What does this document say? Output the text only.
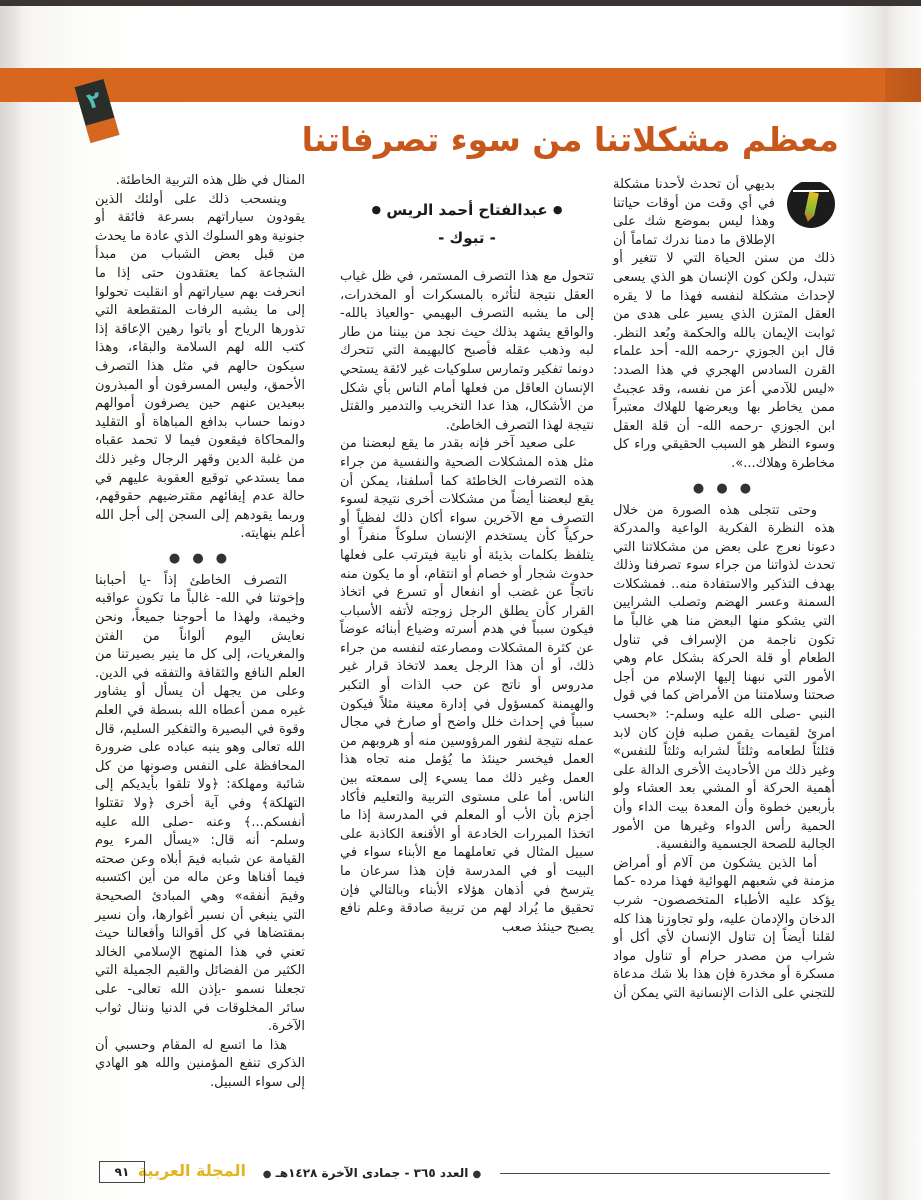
٢
معظم مشكلاتنا من سوء تصرفاتنا
● عبدالفتاح أحمد الريس ●
- تبوك -

بديهي أن تحدث لأحدنا مشكلة في أي وقت من أوقات حياتنا وهذا ليس بموضع شك على الإطلاق ما دمنا ندرك تماماً أن ذلك من سنن الحياة التي لا تتغير أو تتبدل، ولكن كون الإنسان هو الذي يسعى لإحداث مشكلة لنفسه فهذا ما لا يقره العقل المتزن الذي يسير على هدى من ثوابت الإيمان بالله والحكمة وبُعد النظر. قال ابن الجوزي -رحمه الله- أحد علماء القرن السادس الهجري في هذا الصدد: «ليس للآدمي أعز من نفسه، وقد عجبتُ ممن يخاطر بها ويعرضها للهلاك معتبراً ابن الجوزي -رحمه الله- أن قلة العقل وسوء النظر هو السبب الحقيقي وراء كل مخاطرة وهلاك...».

● ● ●

وحتى تتجلى هذه الصورة من خلال هذه النظرة الفكرية الواعية والمدركة دعونا نعرج على بعض من مشكلاتنا التي تحدث لذواتنا من جراء سوء تصرفنا وذلك بهدف التذكير والاستفادة منه.. فمشكلات السمنة وعسر الهضم وتصلب الشرايين التي يشكو منها البعض منا هي غالباً ما تكون ناجمة من الإسراف في تناول الطعام أو قلة الحركة بشكل عام وهي الأمور التي نبهنا إليها الإسلام من أجل صحتنا وسلامتنا من الأمراض كما في قول النبي -صلى الله عليه وسلم-: «بحسب امرئ لقيمات يقمن صلبه فإن كان لابد فثلثاً لطعامه وثلثاً لشرابه وثلثاً للنفس» وغير ذلك من الأحاديث الأخرى الدالة على أهمية الحركة أو المشي بعد العشاء ولو بأربعين خطوة وأن المعدة بيت الداء وأن الحمية رأس الدواء وغيرها من الأمور الجالبة للصحة الجسمية والنفسية.

أما الذين يشكون من آلام أو أمراض مزمنة في شعبهم الهوائية فهذا مرده -كما يؤكد عليه الأطباء المتخصصون- شرب الدخان والإدمان عليه، ولو تجاوزنا هذا كله لقلنا أيضاً إن تناول الإنسان لأي أكل أو شراب من مصدر حرام أو تناول مواد مسكرة أو مخدرة فإن هذا بلا شك مدعاة للتجني على الذات الإنسانية التي يمكن أن

تتحول مع هذا التصرف المستمر، في ظل غياب العقل نتيجة لتأثره بالمسكرات أو المخدرات، إلى ما يشبه التصرف البهيمي -والعياذ بالله- والواقع يشهد بذلك حيث نجد من بيننا من طار لبه وذهب عقله فأصبح كالبهيمة التي تتحرك دونما تفكير وتمارس سلوكيات غير لائقة يستحي الإنسان العاقل من فعلها أمام الناس بأي شكل من الأشكال، هذا عدا التخريب والتدمير والقتل نتيجة لهذا التصرف الخاطئ.

على صعيد آخر فإنه بقدر ما يقع لبعضنا من مثل هذه المشكلات الصحية والنفسية من جراء هذه التصرفات الخاطئة كما أسلفنا، يمكن أن يقع لبعضنا أيضاً من مشكلات أخرى نتيجة لسوء التصرف مع الآخرين سواء أكان ذلك لفظياً أو حركياً كأن يستخدم الإنسان سلوكاً منفراً أو يتلفظ بكلمات بذيئة أو نابية فيترتب على فعلها حدوث شجار أو خصام أو انتقام، أو ما يكون منه ناتجاً عن غضب أو انفعال أو تسرع في اتخاذ القرار كأن يطلق الرجل زوجته لأتفه الأسباب فيكون سبباً في هدم أسرته وضياع أبنائه عوضاً عن كثرة المشكلات ومصارعته لنفسه من جراء ذلك، أو أن هذا الرجل يعمد لاتخاذ قرار غير مدروس أو ناتج عن حب الذات أو التكبر والهيمنة كمسؤول في إدارة معينة مثلاً فيكون سبباً في إحداث خلل واضح أو صارخ في مجال عمله نتيجة لنفور المرؤوسين منه أو هروبهم من العمل فيخسر حينئذ ما يُؤمل منه تجاه هذا العمل وغير ذلك مما يسيء إلى سمعته بين الناس. أما على مستوى التربية والتعليم فأكاد أجزم بأن الأب أو المعلم في المدرسة إذا ما اتخذا المبررات الخادعة أو الأقنعة الكاذبة على سبيل المثال في تعاملهما مع الأبناء سواء في البيت أو في المدرسة فإن هذا سرعان ما يترسخ في أذهان هؤلاء الأبناء وبالتالي فإن تحقيق ما يُراد لهم من تربية صادقة وعلم نافع يصبح حينئذ صعب

المنال في ظل هذه التربية الخاطئة.

وينسحب ذلك على أولئك الذين يقودون سياراتهم بسرعة فائقة أو جنونية وهو السلوك الذي عادة ما يحدث من قبل بعض الشباب من مبدأ الشجاعة كما يعتقدون حتى إذا ما انحرفت بهم سياراتهم أو انقلبت تحولوا إلى ما يشبه الرفات المتقطعة التي تذورها الرياح أو باتوا رهين الإعاقة إذا كتب الله لهم السلامة والبقاء، وهذا سيكون حالهم في مثل هذا التصرف الأحمق، وليس المسرفون أو المبذرون ببعيدين عنهم حين يصرفون أموالهم دونما حساب بدافع المباهاة أو التقليد والمحاكاة فيقعون فيما لا تحمد عقباه من غلبة الدين وقهر الرجال وغير ذلك مما يستدعي توقيع العقوبة عليهم في حالة عدم إيفائهم مقترضيهم حقوقهم، وربما يقودهم إلى السجن إلى أجل الله أعلم بنهايته.

● ● ●

التصرف الخاطئ إذاً -يا أحبابنا وإخوتنا في الله- غالباً ما تكون عواقبه وخيمة، ولهذا ما أحوجنا جميعاً، ونحن نعايش اليوم ألواناً من الفتن والمغريات، إلى كل ما ينير بصيرتنا من العلم النافع والثقافة والتفقه في الدين. وعلى من يجهل أن يسأل أو يشاور غيره ممن أعطاه الله بسطة في العلم وقوة في البصيرة والتفكير السليم، قال الله تعالى وهو ينبه عباده على ضرورة المحافظة على النفس وصونها من كل شائبة ومهلكة: ﴿ولا تلقوا بأيديكم إلى التهلكة﴾ وفي آية أخرى ﴿ولا تقتلوا أنفسكم...﴾ وعنه -صلى الله عليه وسلم- أنه قال: «يسأل المرء يوم القيامة عن شبابه فيمَ أبلاه وعن صحته فيما أفناها وعن ماله من أين اكتسبه وفيمَ أنفقه» وهي المبادئ الصحيحة التي ينبغي أن نسبر أغوارها، وأن نسير بمقتضاها في كل أقوالنا وأفعالنا حيث تعني في هذا المنهج الإسلامي الخالد الكثير من الفضائل والقيم الجميلة التي تجعلنا نسمو -بإذن الله تعالى- على سائر المخلوقات في الدنيا وننال ثواب الآخرة.

هذا ما اتسع له المقام وحسبي أن الذكرى تنفع المؤمنين والله هو الهادي إلى سواء السبيل.

● العدد ٣٦٥ - جمادى الآخرة ١٤٢٨هـ ●
المجلة العربية
٩١
